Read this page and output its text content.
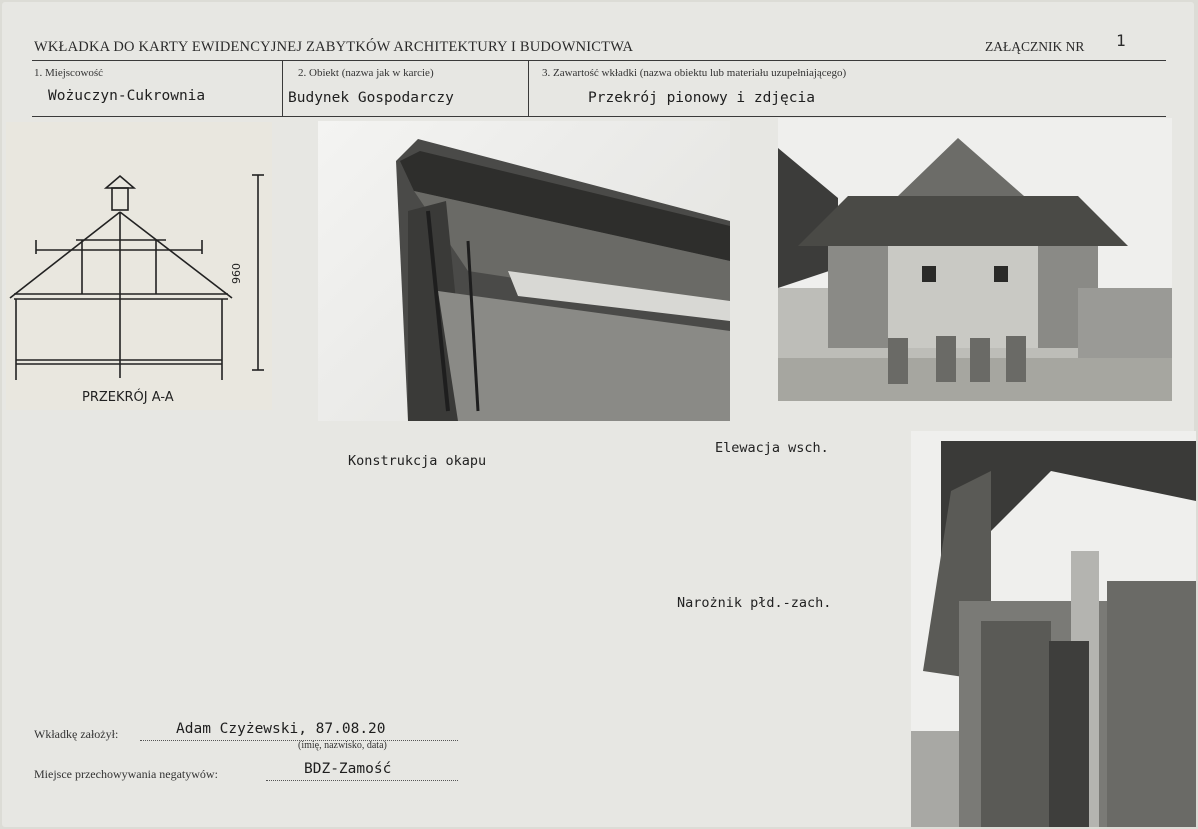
WKŁADKA DO KARTY EWIDENCYJNEJ ZABYTKÓW ARCHITEKTURY I BUDOWNICTWA	ZAŁĄCZNIK NR 1
1. Miejscowość
Wożuczyn-Cukrownia
2. Obiekt (nazwa jak w karcie)
Budynek Gospodarczy
3. Zawartość wkładki (nazwa obiektu lub materiału uzupełniającego)
Przekrój pionowy i zdjęcia
960
PRZEKRÓJ A-A
Konstrukcja okapu
Elewacja wsch.
Narożnik płd.-zach.
Wkładkę założył:	Adam Czyżewski, 87.08.20
(imię, nazwisko, data)
Miejsce przechowywania negatywów:	BDZ-Zamość
